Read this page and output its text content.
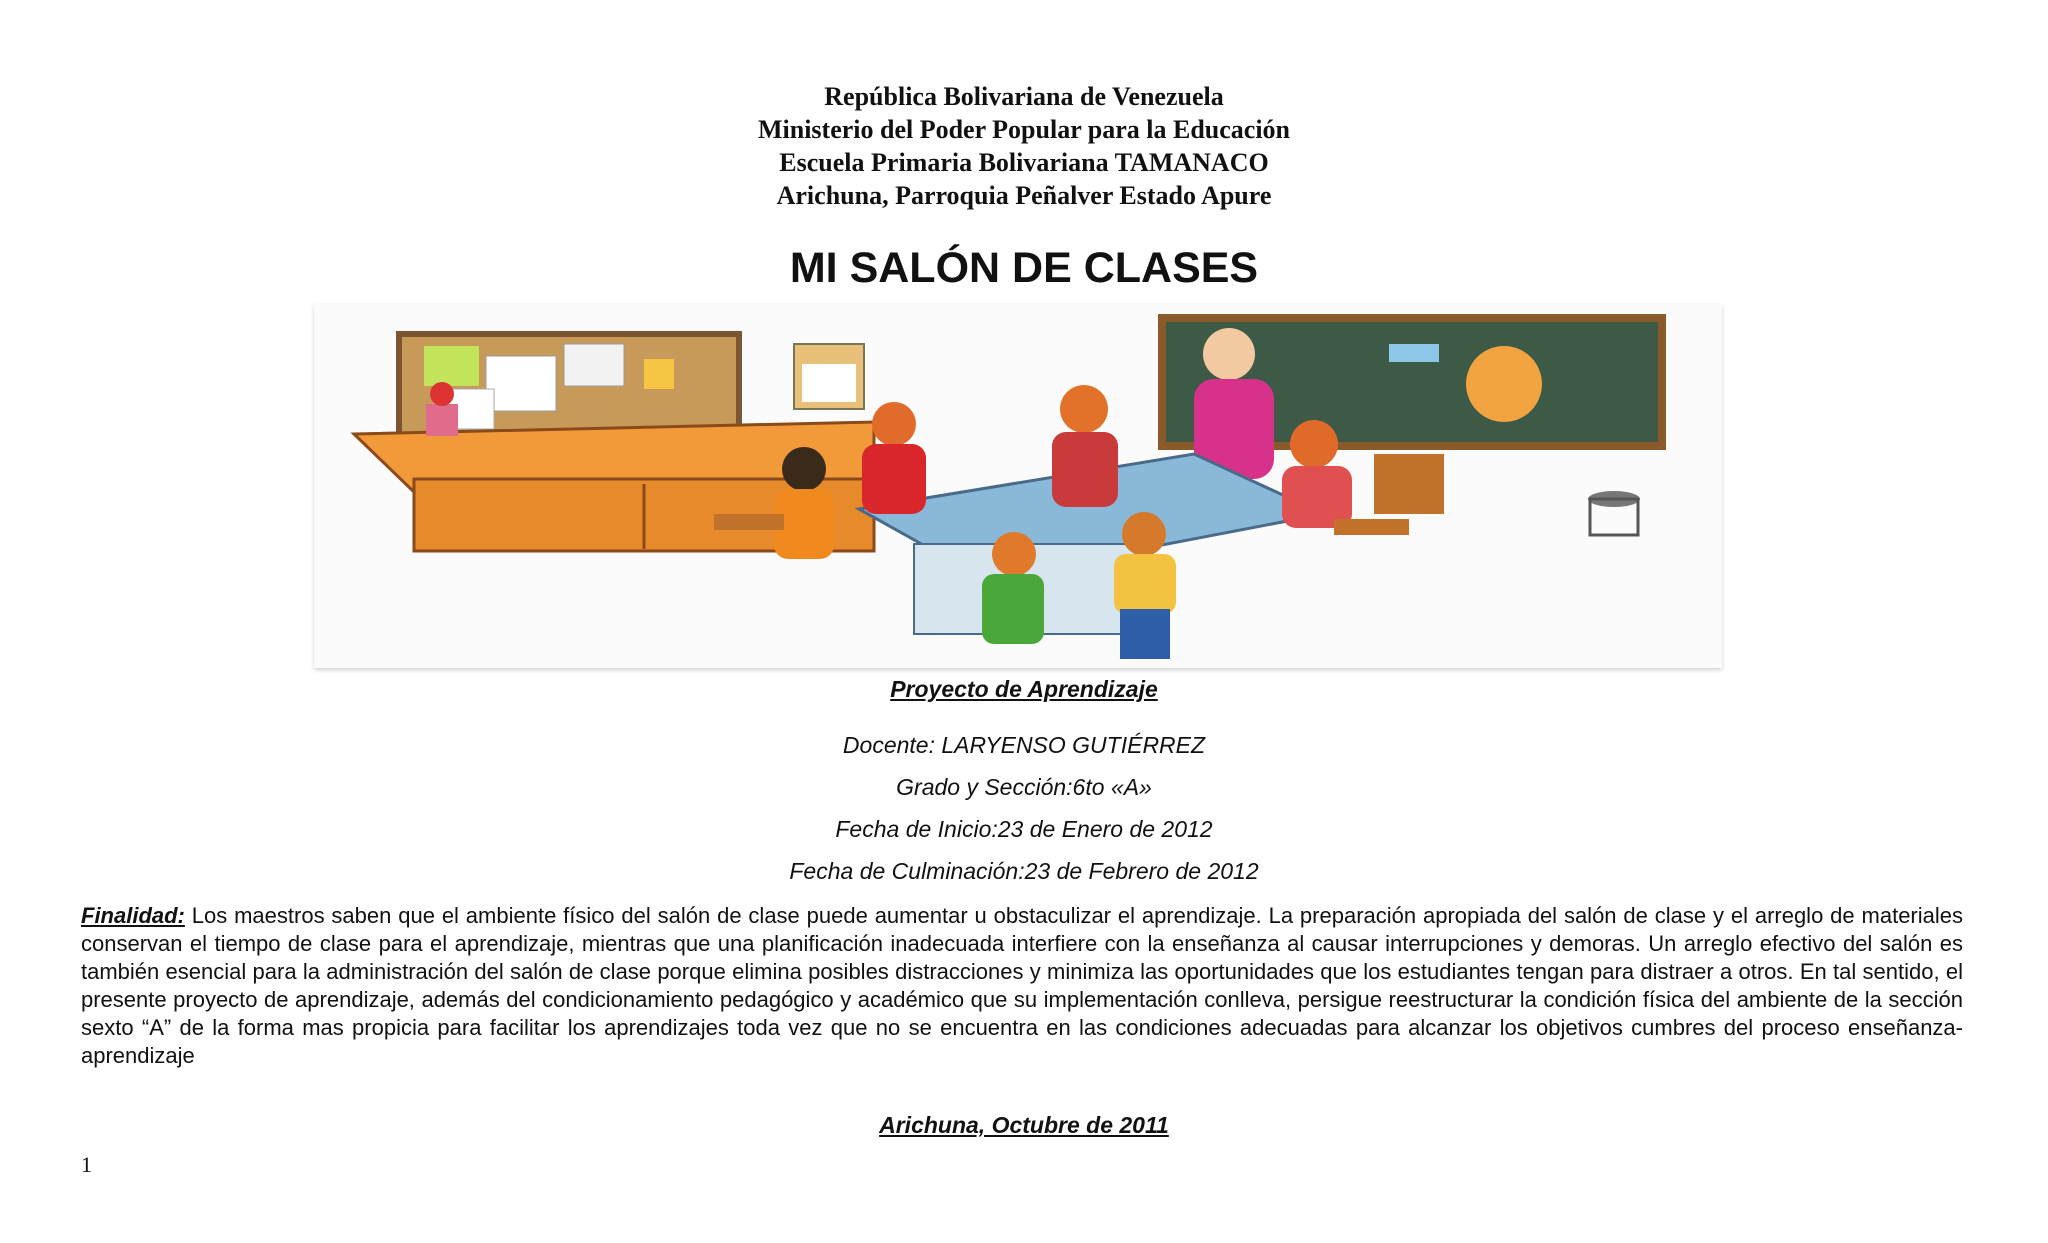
República Bolivariana de Venezuela
Ministerio del Poder Popular para la Educación
Escuela Primaria Bolivariana TAMANACO
Arichuna, Parroquia Peñalver Estado Apure
MI SALÓN DE CLASES
Proyecto de Aprendizaje
Docente: LARYENSO GUTIÉRREZ
Grado y Sección:6to «A»
Fecha de Inicio:23 de Enero de 2012
Fecha de Culminación:23 de Febrero de 2012
Finalidad: Los maestros saben que el ambiente físico del salón de clase puede aumentar u obstaculizar el aprendizaje. La preparación apropiada del salón de clase y el arreglo de materiales conservan el tiempo de clase para el aprendizaje, mientras que una planificación inadecuada interfiere con la enseñanza al causar interrupciones y demoras. Un arreglo efectivo del salón es también esencial para la administración del salón de clase porque elimina posibles distracciones y minimiza las oportunidades que los estudiantes tengan para distraer a otros. En tal sentido, el presente proyecto de aprendizaje, además del condicionamiento pedagógico y académico que su implementación conlleva, persigue reestructurar la condición física del ambiente de la sección sexto “A” de la forma mas propicia para facilitar los aprendizajes toda vez que no se encuentra en las condiciones adecuadas para alcanzar los objetivos cumbres del proceso enseñanza-aprendizaje
Arichuna, Octubre de 2011
1
